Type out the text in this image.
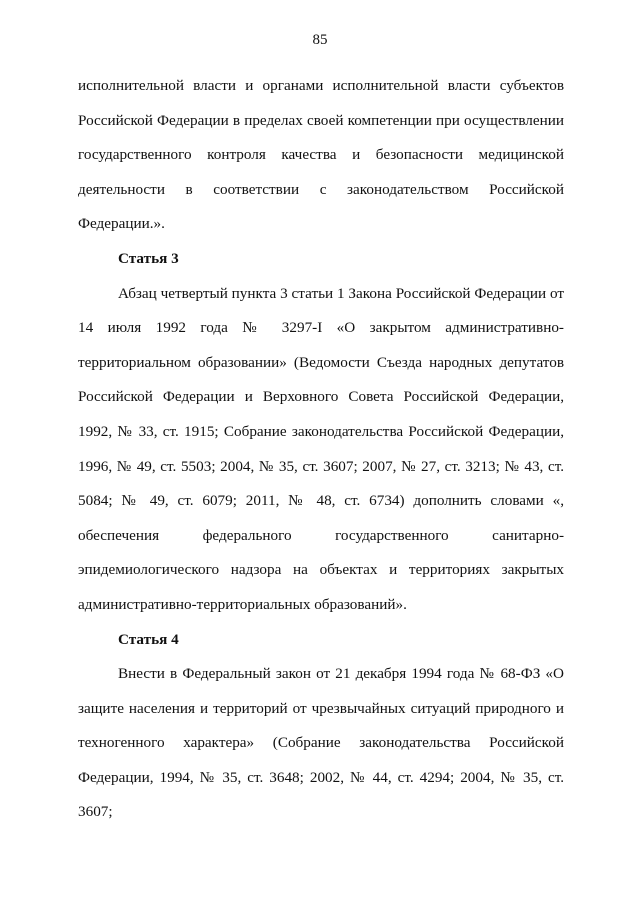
85

исполнительной власти и органами исполнительной власти субъектов Российской Федерации в пределах своей компетенции при осуществлении государственного контроля качества и безопасности медицинской деятельности в соответствии с законодательством Российской Федерации.».

Статья 3

Абзац четвертый пункта 3 статьи 1 Закона Российской Федерации от 14 июля 1992 года № 3297-I «О закрытом административно-территориальном образовании» (Ведомости Съезда народных депутатов Российской Федерации и Верховного Совета Российской Федерации, 1992, № 33, ст. 1915; Собрание законодательства Российской Федерации, 1996, № 49, ст. 5503; 2004, № 35, ст. 3607; 2007, № 27, ст. 3213; № 43, ст. 5084; № 49, ст. 6079; 2011, № 48, ст. 6734) дополнить словами «, обеспечения федерального государственного санитарно-эпидемиологического надзора на объектах и территориях закрытых административно-территориальных образований».

Статья 4

Внести в Федеральный закон от 21 декабря 1994 года № 68-ФЗ «О защите населения и территорий от чрезвычайных ситуаций природного и техногенного характера» (Собрание законодательства Российской Федерации, 1994, № 35, ст. 3648; 2002, № 44, ст. 4294; 2004, № 35, ст. 3607;
